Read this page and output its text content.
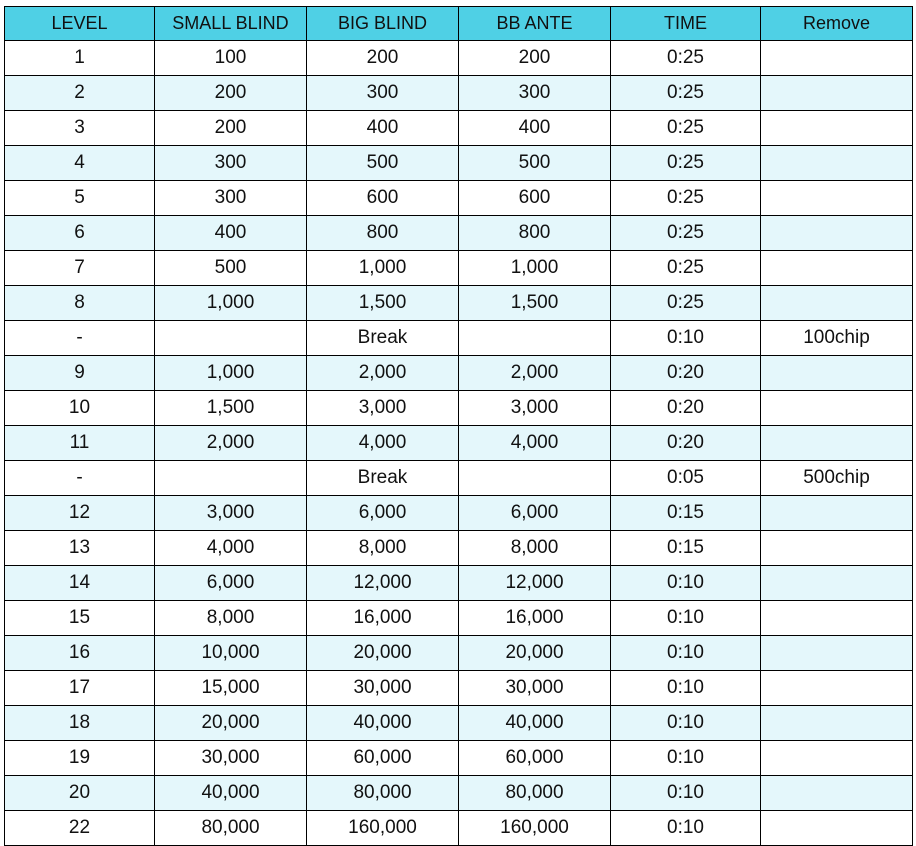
LEVEL	SMALL BLIND	BIG BLIND	BB ANTE	TIME	Remove
1	100	200	200	0:25	
2	200	300	300	0:25	
3	200	400	400	0:25	
4	300	500	500	0:25	
5	300	600	600	0:25	
6	400	800	800	0:25	
7	500	1,000	1,000	0:25	
8	1,000	1,500	1,500	0:25	
-		Break		0:10	100chip
9	1,000	2,000	2,000	0:20	
10	1,500	3,000	3,000	0:20	
11	2,000	4,000	4,000	0:20	
-		Break		0:05	500chip
12	3,000	6,000	6,000	0:15	
13	4,000	8,000	8,000	0:15	
14	6,000	12,000	12,000	0:10	
15	8,000	16,000	16,000	0:10	
16	10,000	20,000	20,000	0:10	
17	15,000	30,000	30,000	0:10	
18	20,000	40,000	40,000	0:10	
19	30,000	60,000	60,000	0:10	
20	40,000	80,000	80,000	0:10	
22	80,000	160,000	160,000	0:10	
